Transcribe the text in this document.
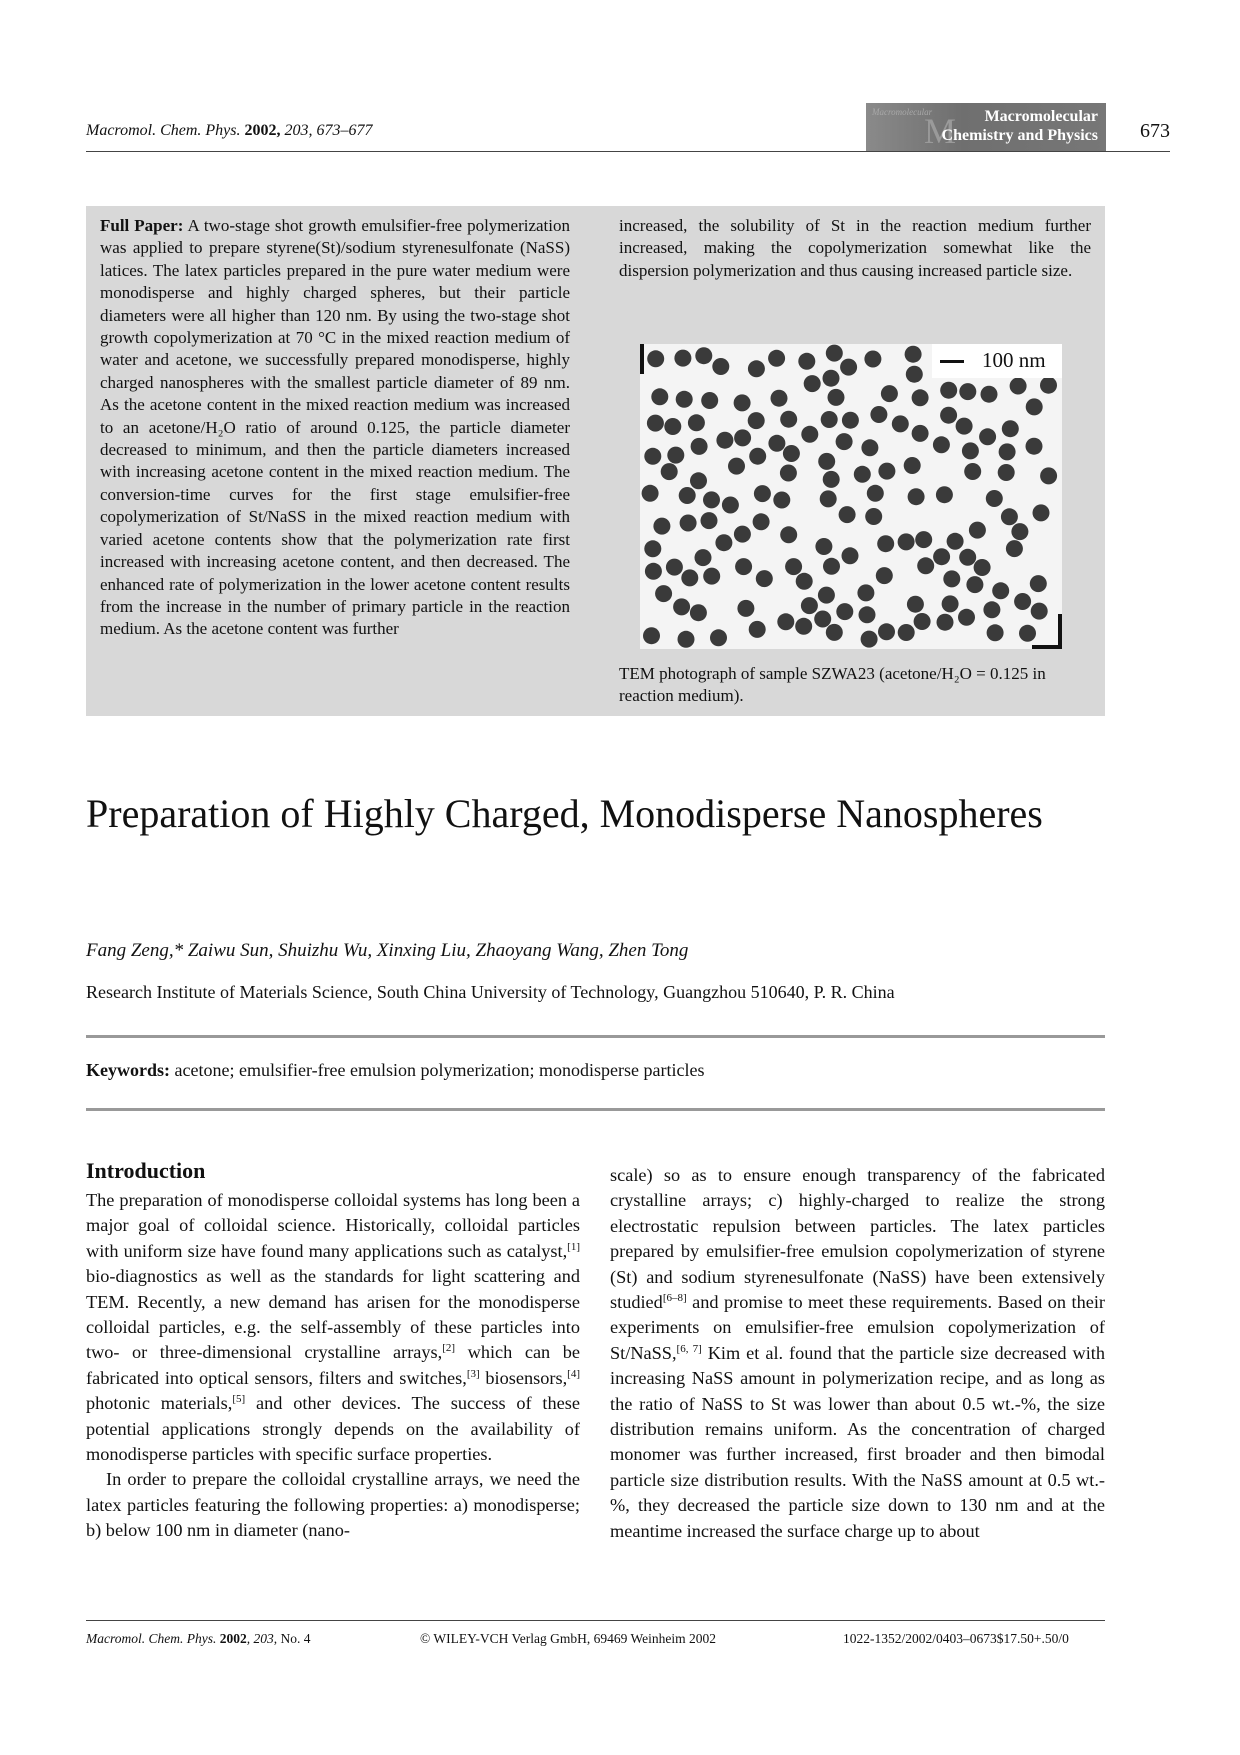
Macromol. Chem. Phys. 2002, 203, 673–677
Macromolecular
M Macromolecular
Chemistry and Physics 673
Full Paper: A two-stage shot growth emulsifier-free polymerization was applied to prepare styrene(St)/sodium styrenesulfonate (NaSS) latices. The latex particles prepared in the pure water medium were monodisperse and highly charged spheres, but their particle diameters were all higher than 120 nm. By using the two-stage shot growth copolymerization at 70 °C in the mixed reaction medium of water and acetone, we successfully prepared monodisperse, highly charged nanospheres with the smallest particle diameter of 89 nm. As the acetone content in the mixed reaction medium was increased to an acetone/H₂O ratio of around 0.125, the particle diameter decreased to minimum, and then the particle diameters increased with increasing acetone content in the mixed reaction medium. The conversion-time curves for the first stage emulsifier-free copolymerization of St/NaSS in the mixed reaction medium with varied acetone contents show that the polymerization rate first increased with increasing acetone content, and then decreased. The enhanced rate of polymerization in the lower acetone content results from the increase in the number of primary particle in the reaction medium. As the acetone content was further
increased, the solubility of St in the reaction medium further increased, making the copolymerization somewhat like the dispersion polymerization and thus causing increased particle size.
100 nm
TEM photograph of sample SZWA23 (acetone/H₂O = 0.125 in reaction medium).
Preparation of Highly Charged, Monodisperse Nanospheres
Fang Zeng,* Zaiwu Sun, Shuizhu Wu, Xinxing Liu, Zhaoyang Wang, Zhen Tong
Research Institute of Materials Science, South China University of Technology, Guangzhou 510640, P. R. China
Keywords: acetone; emulsifier-free emulsion polymerization; monodisperse particles
Introduction
The preparation of monodisperse colloidal systems has long been a major goal of colloidal science. Historically, colloidal particles with uniform size have found many applications such as catalyst,[1] bio-diagnostics as well as the standards for light scattering and TEM. Recently, a new demand has arisen for the monodisperse colloidal particles, e.g. the self-assembly of these particles into two- or three-dimensional crystalline arrays,[2] which can be fabricated into optical sensors, filters and switches,[3] biosensors,[4] photonic materials,[5] and other devices. The success of these potential applications strongly depends on the availability of monodisperse particles with specific surface properties.
In order to prepare the colloidal crystalline arrays, we need the latex particles featuring the following properties: a) monodisperse; b) below 100 nm in diameter (nano-
scale) so as to ensure enough transparency of the fabricated crystalline arrays; c) highly-charged to realize the strong electrostatic repulsion between particles. The latex particles prepared by emulsifier-free emulsion copolymerization of styrene (St) and sodium styrenesulfonate (NaSS) have been extensively studied[6–8] and promise to meet these requirements. Based on their experiments on emulsifier-free emulsion copolymerization of St/NaSS,[6, 7] Kim et al. found that the particle size decreased with increasing NaSS amount in polymerization recipe, and as long as the ratio of NaSS to St was lower than about 0.5 wt.-%, the size distribution remains uniform. As the concentration of charged monomer was further increased, first broader and then bimodal particle size distribution results. With the NaSS amount at 0.5 wt.-%, they decreased the particle size down to 130 nm and at the meantime increased the surface charge up to about
Macromol. Chem. Phys. 2002, 203, No. 4	© WILEY-VCH Verlag GmbH, 69469 Weinheim 2002	1022-1352/2002/0403–0673$17.50+.50/0
